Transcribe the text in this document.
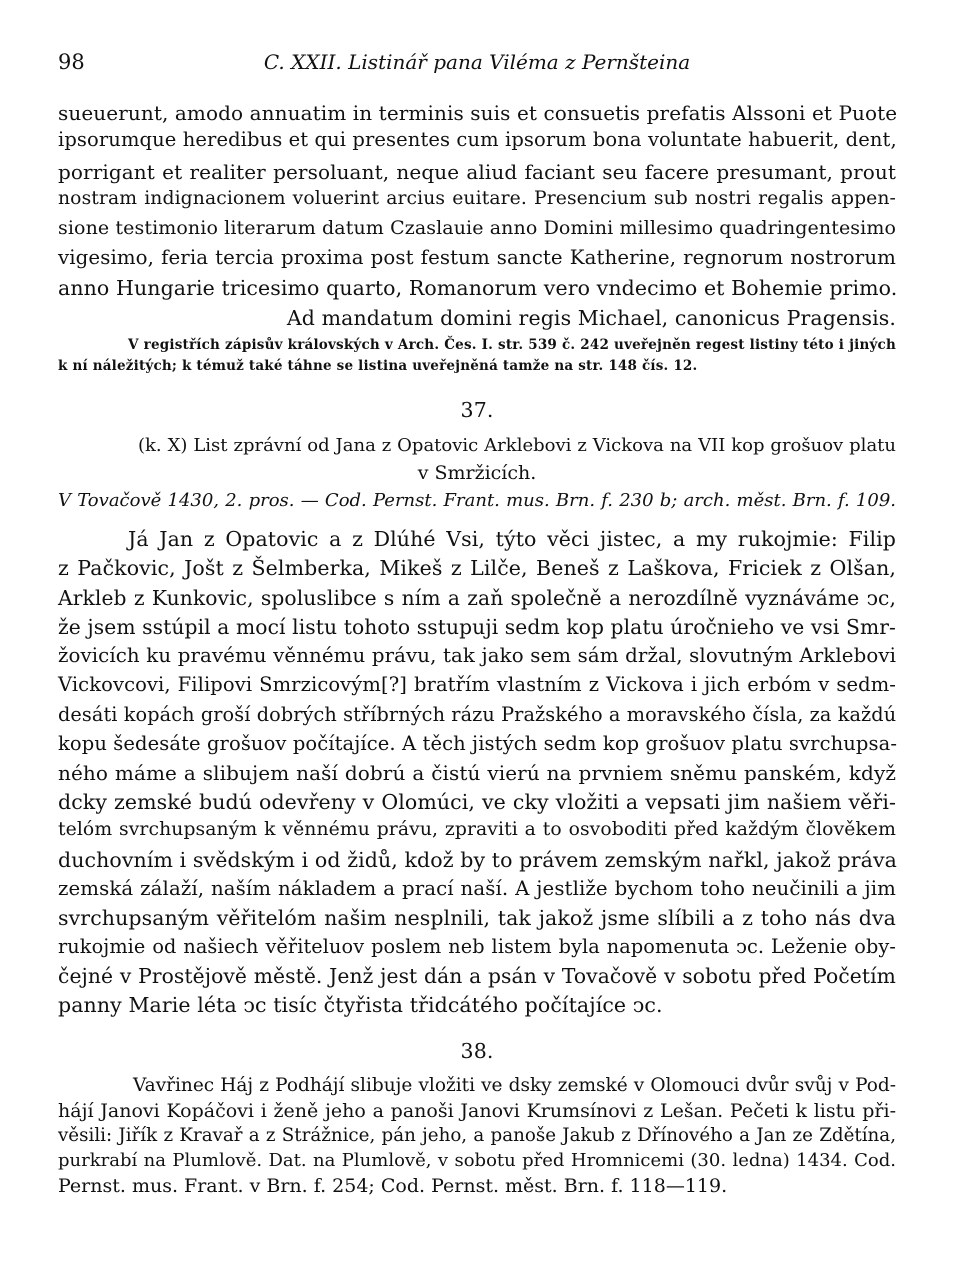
98	C. XXII. Listinář pana Viléma z Pernšteina
sueuerunt, amodo annuatim in terminis suis et consuetis prefatis Alssoni et Puote
ipsorumque heredibus et qui presentes cum ipsorum bona voluntate habuerit, dent,
porrigant et realiter persoluant, neque aliud faciant seu facere presumant, prout
nostram indignacionem voluerint arcius euitare. Presencium sub nostri regalis appen-
sione testimonio literarum datum Czaslauie anno Domini millesimo quadringentesimo
vigesimo, feria tercia proxima post festum sancte Katherine, regnorum nostrorum
anno Hungarie tricesimo quarto, Romanorum vero vndecimo et Bohemie primo.
Ad mandatum domini regis Michael, canonicus Pragensis.
V registřích zápisův královských v Arch. Čes. I. str. 539 č. 242 uveřejněn regest listiny této i jiných
k ní náležitých; k témuž také táhne se listina uveřejněná tamže na str. 148 čís. 12.
37.
(k. X) List zprávní od Jana z Opatovic Arklebovi z Vickova na VII kop grošuov platu
v Smržicích.
V Tovačově 1430, 2. pros. — Cod. Pernst. Frant. mus. Brn. f. 230 b; arch. měst. Brn. f. 109.
Já Jan z Opatovic a z Dlúhé Vsi, týto věci jistec, a my rukojmie: Filip
z Pačkovic, Jošt z Šelmberka, Mikeš z Lilče, Beneš z Laškova, Friciek z Olšan,
Arkleb z Kunkovic, spoluslibce s ním a zaň společně a nerozdílně vyznáváme ͻc,
že jsem sstúpil a mocí listu tohoto sstupuji sedm kop platu úročnieho ve vsi Smr-
žovicích ku pravému věnnému právu, tak jako sem sám držal, slovutným Arklebovi
Vickovcovi, Filipovi Smrzicovým[?] bratřím vlastním z Vickova i jich erbóm v sedm-
desáti kopách groší dobrých stříbrných rázu Pražského a moravského čísla, za každú
kopu šedesáte grošuov počítajíce. A těch jistých sedm kop grošuov platu svrchupsa-
ného máme a slibujem naší dobrú a čistú vierú na prvniem sněmu panském, když
dcky zemské budú odevřeny v Olomúci, ve cky vložiti a vepsati jim našiem věři-
telóm svrchupsaným k věnnému právu, zpraviti a to osvoboditi před každým člověkem
duchovním i svědským i od židů, kdož by to právem zemským nařkl, jakož práva
zemská zálaží, naším nákladem a prací naší. A jestliže bychom toho neučinili a jim
svrchupsaným věřitelóm našim nesplnili, tak jakož jsme slíbili a z toho nás dva
rukojmie od našiech věřiteluov poslem neb listem byla napomenuta ͻc. Leženie oby-
čejné v Prostějově městě. Jenž jest dán a psán v Tovačově v sobotu před Početím
panny Marie léta ͻc tisíc čtyřista třidcátého počítajíce ͻc.
38.
Vavřinec Háj z Podhájí slibuje vložiti ve dsky zemské v Olomouci dvůr svůj v Pod-
hájí Janovi Kopáčovi i ženě jeho a panoši Janovi Krumsínovi z Lešan. Pečeti k listu při-
věsili: Jiřík z Kravař a z Strážnice, pán jeho, a panoše Jakub z Dřínového a Jan ze Zdětína,
purkrabí na Plumlově. Dat. na Plumlově, v sobotu před Hromnicemi (30. ledna) 1434. Cod.
Pernst. mus. Frant. v Brn. f. 254; Cod. Pernst. měst. Brn. f. 118—119.
